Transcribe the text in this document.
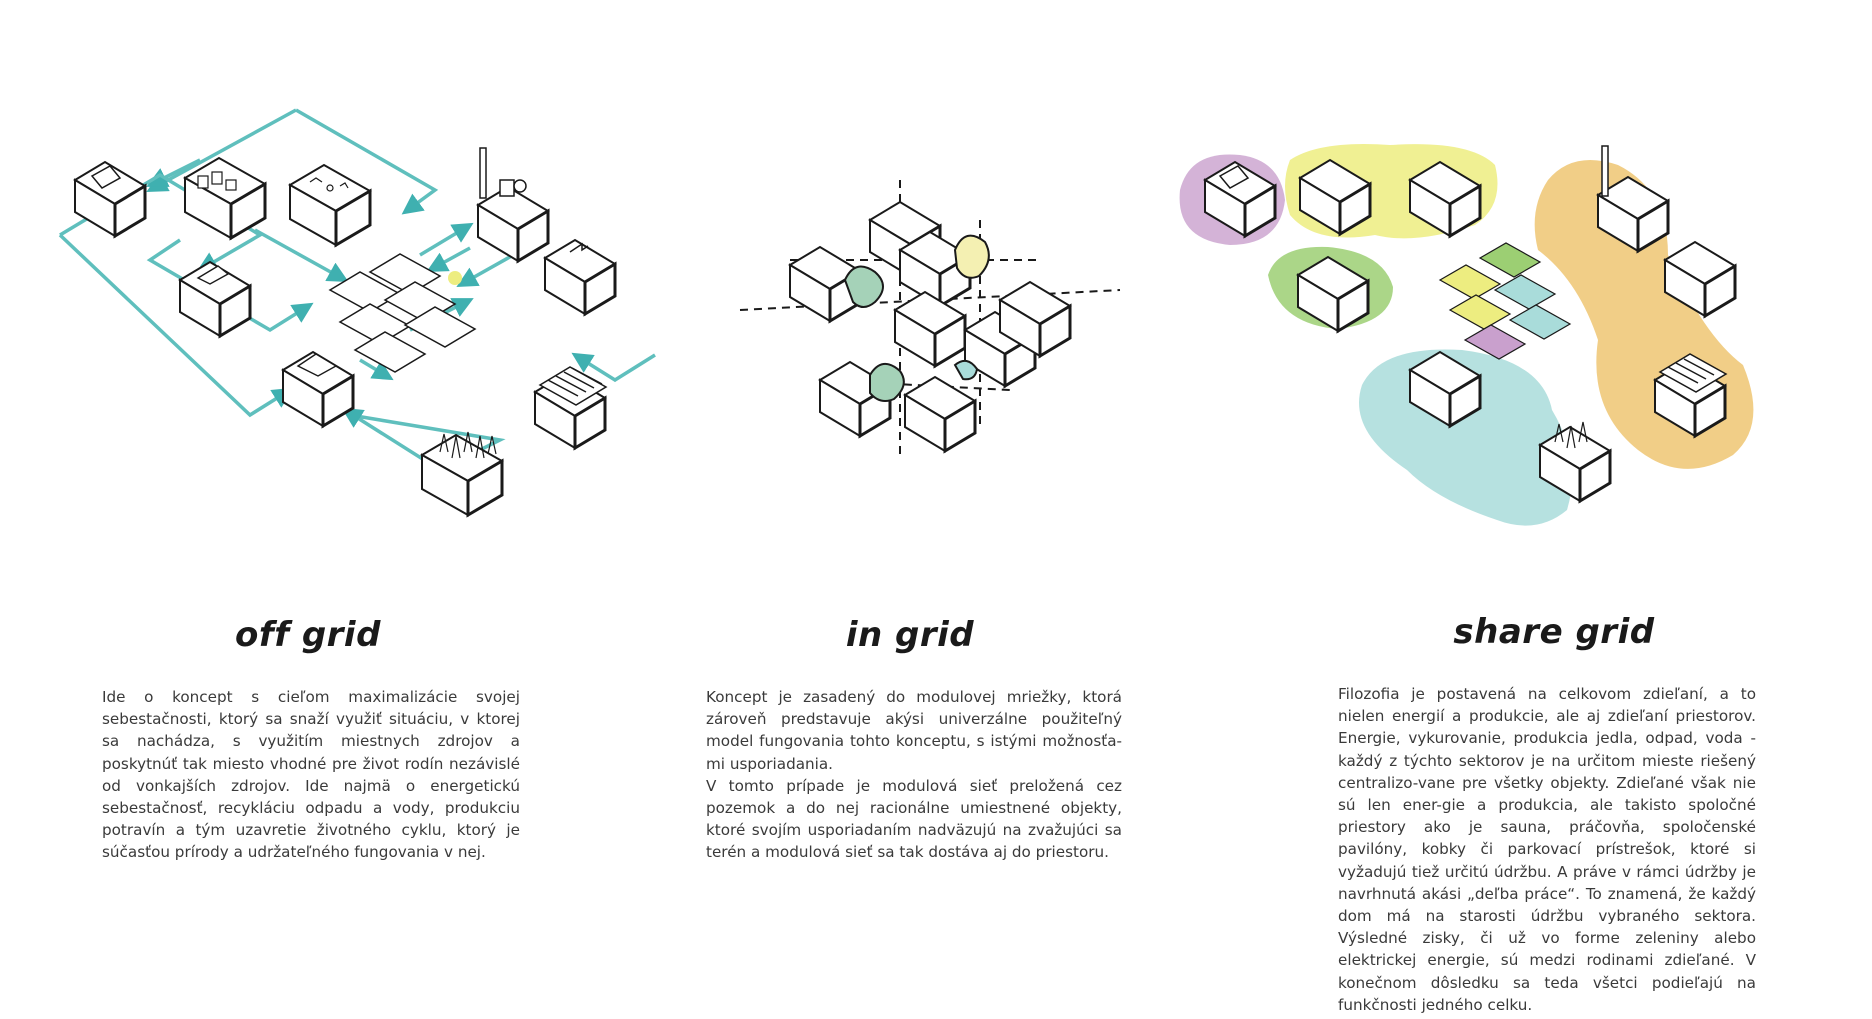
off grid

Ide o koncept s cieľom maximalizácie svojej sebestačnosti, ktorý sa snaží využiť situáciu, v ktorej sa nachádza, s využitím miestnych zdrojov a poskytnúť tak miesto vhodné pre život rodín nezávislé od vonkajších zdrojov. Ide najmä o energetickú sebestačnosť, recykláciu odpadu a vody, produkciu potravín a tým uzavretie životného cyklu, ktorý je súčasťou prírody a udržateľného fungovania v nej.

in grid

Koncept je zasadený do modulovej mriežky, ktorá zároveň predstavuje akýsi univerzálne použiteľný model fungovania tohto konceptu, s istými možnosťa-mi usporiadania.
V tomto prípade je modulová sieť preložená cez pozemok a do nej racionálne umiestnené objekty, ktoré svojím usporiadaním nadväzujú na zvažujúci sa terén a modulová sieť sa tak dostáva aj do priestoru.

share grid

Filozofia je postavená na celkovom zdieľaní, a to nielen energií a produkcie, ale aj zdieľaní priestorov. Energie, vykurovanie, produkcia jedla, odpad, voda - každý z týchto sektorov je na určitom mieste riešený centralizo-vane pre všetky objekty. Zdieľané však nie sú len ener-gie a produkcia, ale takisto spoločné priestory ako je sauna, práčovňa, spoločenské pavilóny, kobky či parkovací prístrešok, ktoré si vyžadujú tiež určitú údržbu. A práve v rámci údržby je navrhnutá akási „deľba práce“. To znamená, že každý dom má na starosti údržbu vybraného sektora. Výsledné zisky, či už vo forme zeleniny alebo elektrickej energie, sú medzi rodinami zdieľané. V konečnom dôsledku sa teda všetci podieľajú na funkčnosti jedného celku.
